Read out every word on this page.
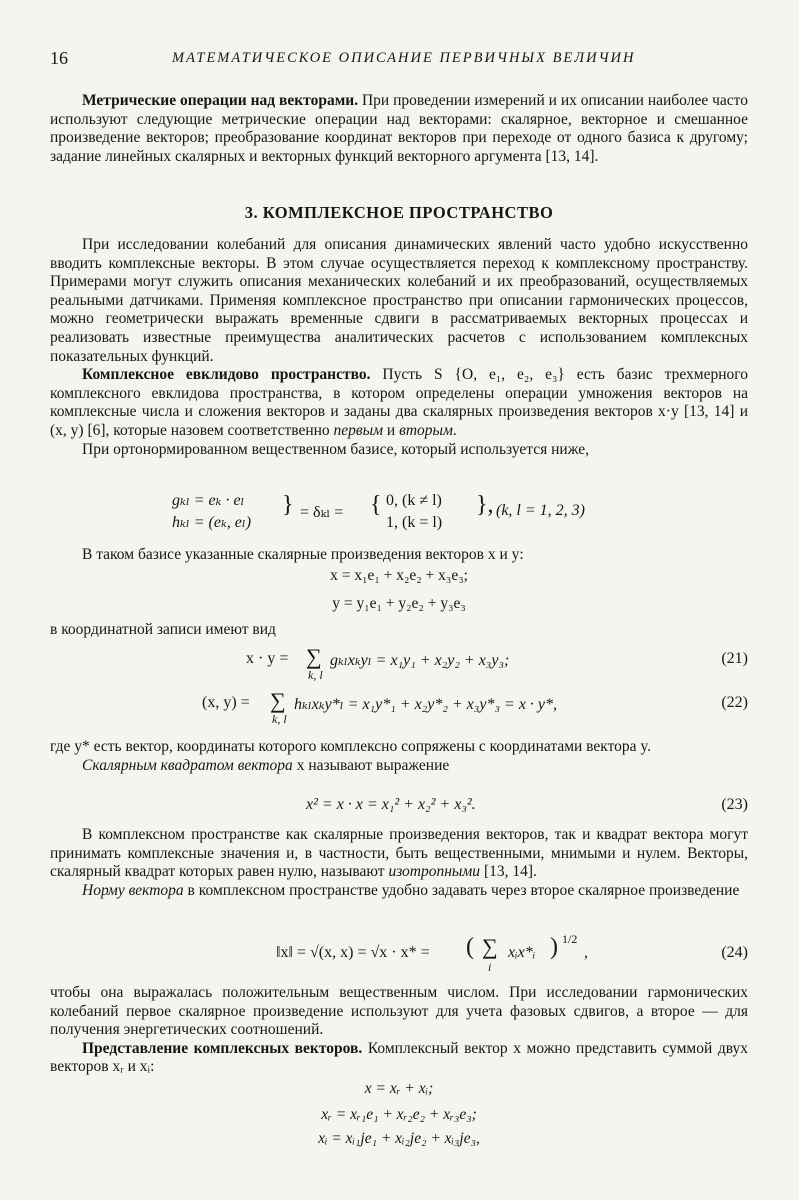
16	МАТЕМАТИЧЕСКОЕ ОПИСАНИЕ ПЕРВИЧНЫХ ВЕЛИЧИН

Метрические операции над векторами. При проведении измерений и их описании наиболее часто используют следующие метрические операции над векторами: скалярное, векторное и смешанное произведение векторов; преобразование координат векторов при переходе от одного базиса к другому; задание линейных скалярных и векторных функций векторного аргумента [13, 14].

3. КОМПЛЕКСНОЕ ПРОСТРАНСТВО

При исследовании колебаний для описания динамических явлений часто удобно искусственно вводить комплексные векторы. В этом случае осуществляется переход к комплексному пространству. Примерами могут служить описания механических колебаний и их преобразований, осуществляемых реальными датчиками. Применяя комплексное пространство при описании гармонических процессов, можно геометрически выражать временные сдвиги в рассматриваемых векторных процессах и реализовать известные преимущества аналитических расчетов с использованием комплексных показательных функций.

Комплексное евклидово пространство. Пусть S {O, e₁, e₂, e₃} есть базис трехмерного комплексного евклидова пространства, в котором определены операции умножения векторов на комплексные числа и сложения векторов и заданы два скалярных произведения векторов x·y [13, 14] и (x, y) [6], которые назовем соответственно первым и вторым.

При ортонормированном вещественном базисе, который используется ниже,

gₖₗ = eₖ · eₗ
hₖₗ = (eₖ, eₗ)
} = δₖₗ = { 0, (k ≠ l)
1, (k = l)
}, (k, l = 1, 2, 3)

В таком базисе указанные скалярные произведения векторов x и y:

x = x₁e₁ + x₂e₂ + x₃e₃;
y = y₁e₁ + y₂e₂ + y₃e₃

в координатной записи имеют вид

x · y = ∑
k, l
gₖₗxₖyₗ = x₁y₁ + x₂y₂ + x₃y₃;	(21)
(x, y) = ∑
k, l
hₖₗxₖy*ₗ = x₁y*₁ + x₂y*₂ + x₃y*₃ = x · y*,	(22)

где y* есть вектор, координаты которого комплексно сопряжены с координатами вектора y.

Скалярным квадратом вектора x называют выражение

x² = x · x = x₁² + x₂² + x₃².	(23)

В комплексном пространстве как скалярные произведения векторов, так и квадрат вектора могут принимать комплексные значения и, в частности, быть вещественными, мнимыми и нулем. Векторы, скалярный квадрат которых равен нулю, называют изотропными [13, 14].

Норму вектора в комплексном пространстве удобно задавать через второе скалярное произведение

‖x‖ = √(x, x) = √x · x* = ( ∑
i
xᵢx*ᵢ ) 1/2
,	(24)

чтобы она выражалась положительным вещественным числом. При исследовании гармонических колебаний первое скалярное произведение используют для учета фазовых сдвигов, а второе — для получения энергетических соотношений.

Представление комплексных векторов. Комплексный вектор x можно представить суммой двух векторов xᵣ и xᵢ:

x = xᵣ + xᵢ;
xᵣ = xᵣ₁e₁ + xᵣ₂e₂ + xᵣ₃e₃;
xᵢ = xᵢ₁je₁ + xᵢ₂je₂ + xᵢ₃je₃,
